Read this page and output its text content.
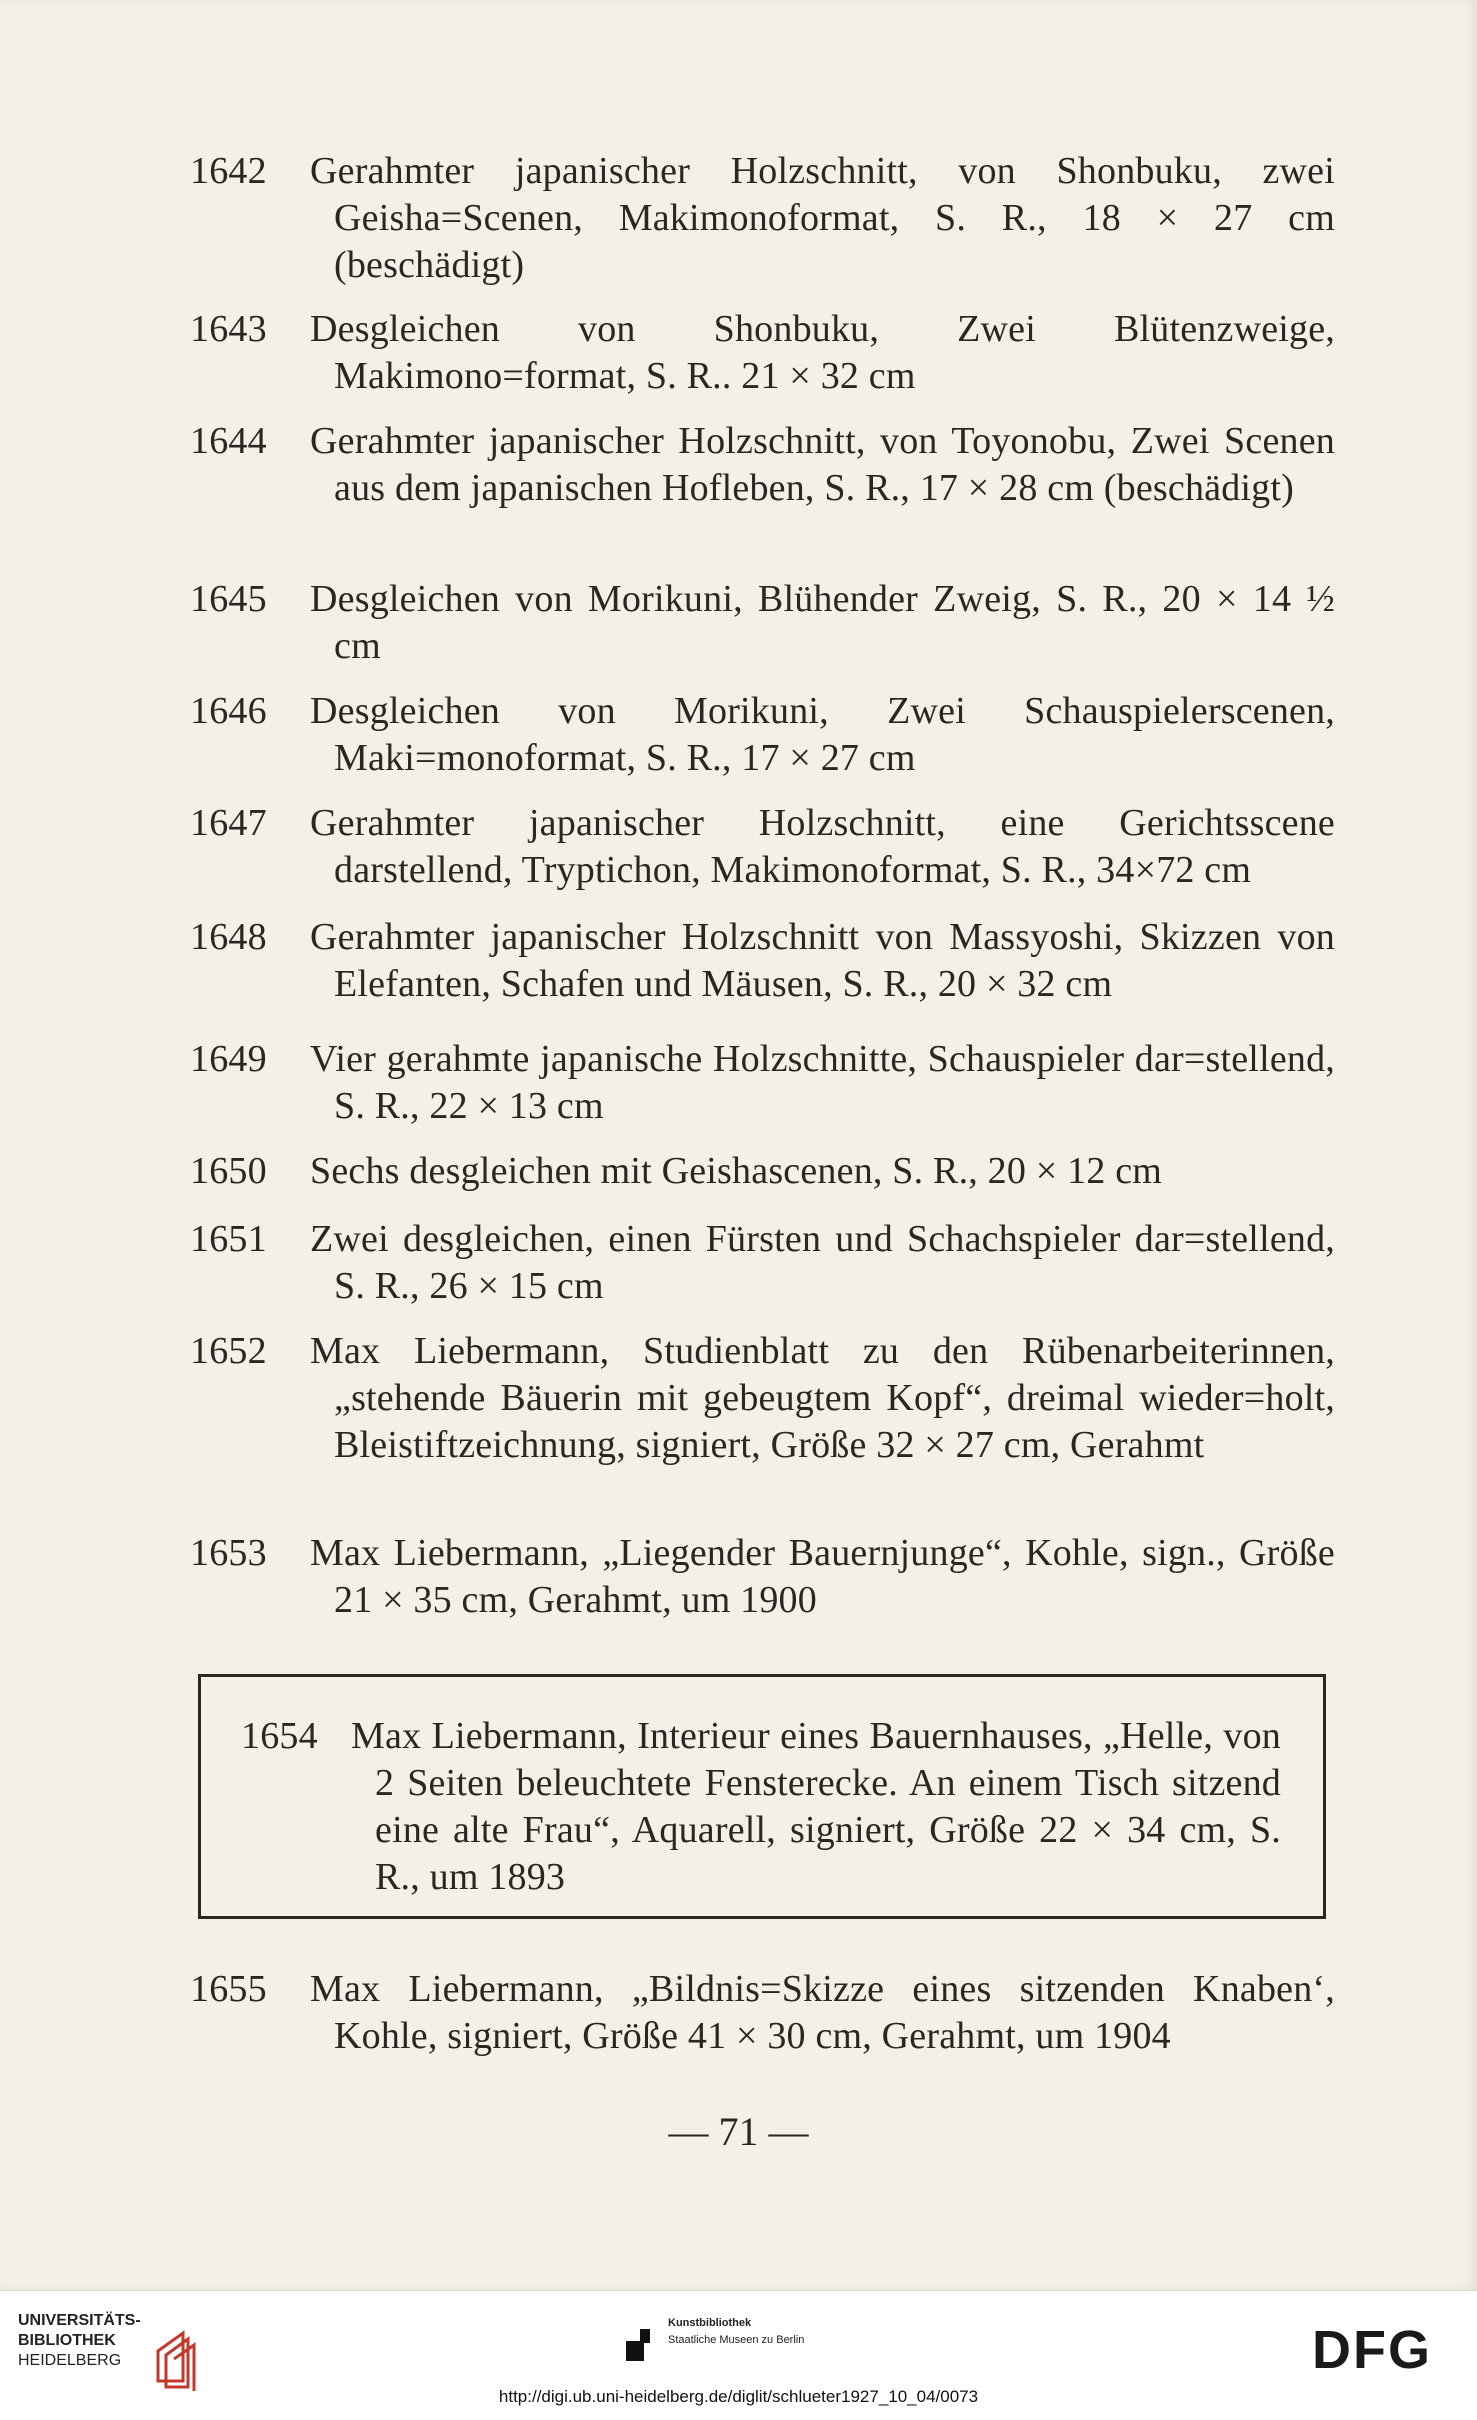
1642	Gerahmter japanischer Holzschnitt, von Shonbuku, zwei Geisha=Scenen, Makimonoformat, S. R., 18 × 27 cm (beschädigt)
1643	Desgleichen von Shonbuku, Zwei Blütenzweige, Makimono=format, S. R.. 21 × 32 cm
1644	Gerahmter japanischer Holzschnitt, von Toyonobu, Zwei Scenen aus dem japanischen Hofleben, S. R., 17 × 28 cm (beschädigt)
1645	Desgleichen von Morikuni, Blühender Zweig, S. R., 20 × 14 ½ cm
1646	Desgleichen von Morikuni, Zwei Schauspielerscenen, Maki=monoformat, S. R., 17 × 27 cm
1647	Gerahmter japanischer Holzschnitt, eine Gerichtsscene darstellend, Tryptichon, Makimonoformat, S. R., 34×72 cm
1648	Gerahmter japanischer Holzschnitt von Massyoshi, Skizzen von Elefanten, Schafen und Mäusen, S. R., 20 × 32 cm
1649	Vier gerahmte japanische Holzschnitte, Schauspieler dar=stellend, S. R., 22 × 13 cm
1650	Sechs desgleichen mit Geishascenen, S. R., 20 × 12 cm
1651	Zwei desgleichen, einen Fürsten und Schachspieler dar=stellend, S. R., 26 × 15 cm
1652	Max Liebermann, Studienblatt zu den Rübenarbeiterinnen, „stehende Bäuerin mit gebeugtem Kopf“, dreimal wieder=holt, Bleistiftzeichnung, signiert, Größe 32 × 27 cm, Gerahmt
1653	Max Liebermann, „Liegender Bauernjunge“, Kohle, sign., Größe 21 × 35 cm, Gerahmt, um 1900
1654 Max Liebermann, Interieur eines Bauernhauses, „Helle, von 2 Seiten beleuchtete Fensterecke. An einem Tisch sitzend eine alte Frau“, Aquarell, signiert, Größe 22 × 34 cm, S. R., um 1893
1655	Max Liebermann, „Bildnis=Skizze eines sitzenden Knaben‘, Kohle, signiert, Größe 41 × 30 cm, Gerahmt, um 1904
— 71 —
UNIVERSITÄTS-
BIBLIOTHEK
HEIDELBERG
Kunstbibliothek
Staatliche Museen zu Berlin	DFG
http://digi.ub.uni-heidelberg.de/diglit/schlueter1927_10_04/0073
